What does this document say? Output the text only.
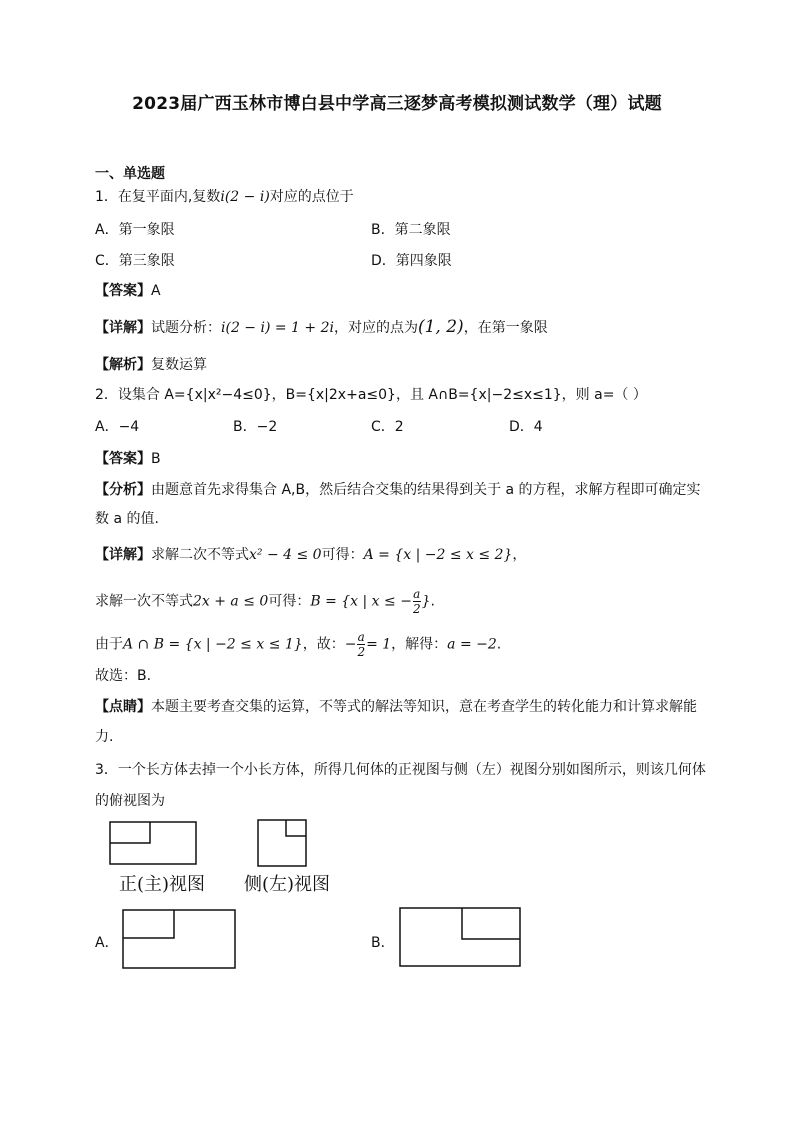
2023届广西玉林市博白县中学高三逐梦高考模拟测试数学（理）试题
一、单选题
1．在复平面内,复数i(2 − i)对应的点位于
A．第一象限	B．第二象限
C．第三象限	D．第四象限
【答案】A
【详解】试题分析：i(2 − i) = 1 + 2i，对应的点为(1, 2)，在第一象限
【解析】复数运算
2．设集合 A={x|x²−4≤0}，B={x|2x+a≤0}，且 A∩B={x|−2≤x≤1}，则 a=（ ）
A．−4	B．−2	C．2	D．4
【答案】B
【分析】由题意首先求得集合 A,B，然后结合交集的结果得到关于 a 的方程，求解方程即可确定实
数 a 的值.
【详解】求解二次不等式x² − 4 ≤ 0可得：A = {x | −2 ≤ x ≤ 2}，
求解一次不等式2x + a ≤ 0可得：B = {x | x ≤ − $\frac{a}{2}$ }.
由于A ∩ B = {x | −2 ≤ x ≤ 1}，故：− $\frac{a}{2} = 1$，解得：a = −2.
故选：B.
【点睛】本题主要考查交集的运算，不等式的解法等知识，意在考查学生的转化能力和计算求解能
力.
3．一个长方体去掉一个小长方体，所得几何体的正视图与侧（左）视图分别如图所示，则该几何体
的俯视图为
正(主)视图 侧(左)视图
A．	B．
